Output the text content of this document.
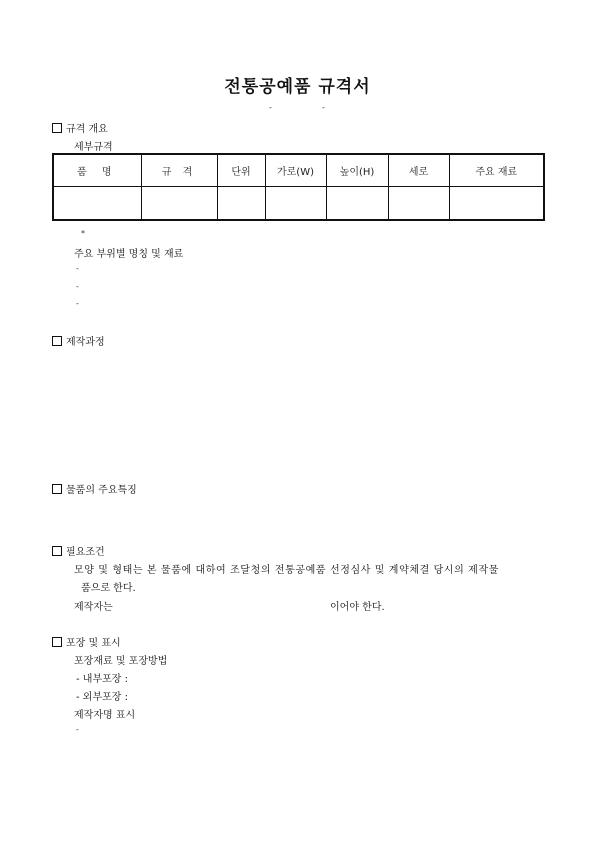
전통공예품 규격서
-	-
규격 개요
세부규격
품 명	규 격	단위	가로(W)	높이(H)	세로	주요 재료

*
주요 부위별 명칭 및 재료
-
-
-
제작과정
물품의 주요특징
필요조건
모양 및 형태는 본 물품에 대하여 조달청의 전통공예품 선정심사 및 계약체결 당시의 제작물
품으로 한다.
제작자는	이어야 한다.
포장 및 표시
포장재료 및 포장방법
- 내부포장 :
- 외부포장 :
제작자명 표시
-
